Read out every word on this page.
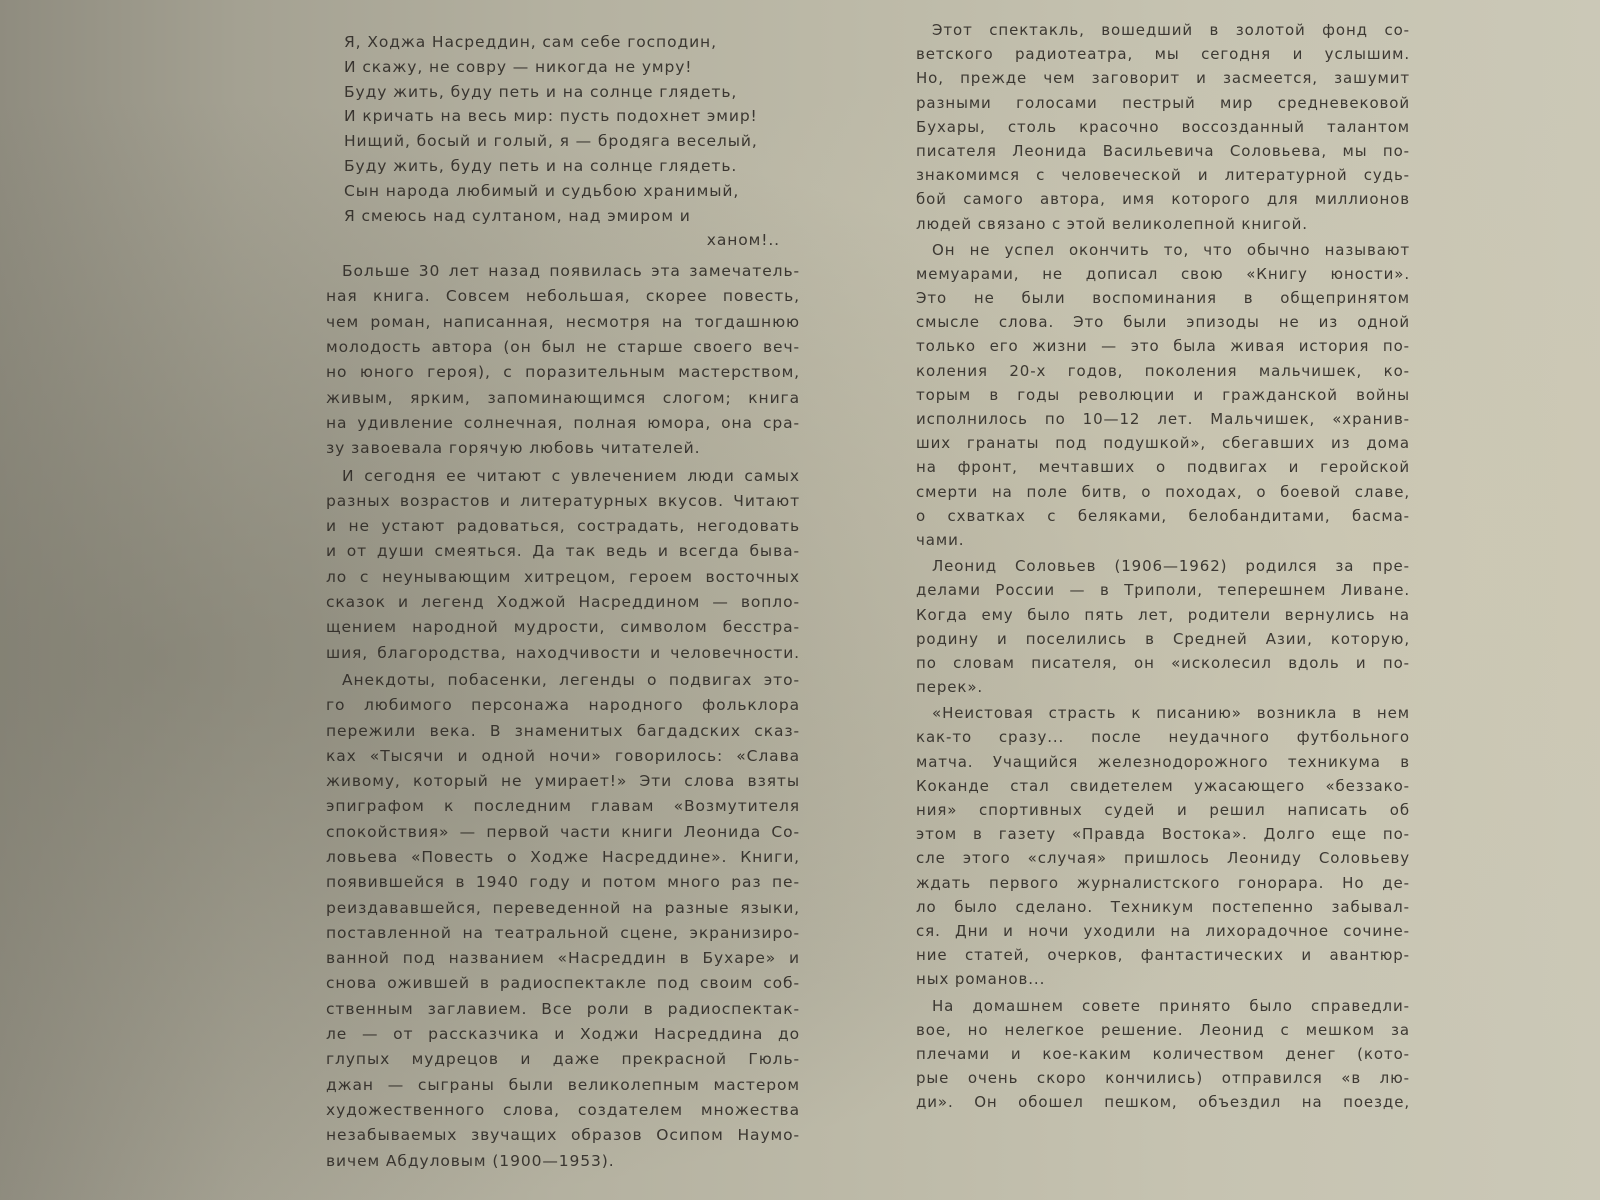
Я, Ходжа Насреддин, сам себе господин,
И скажу, не совру — никогда не умру!
Буду жить, буду петь и на солнце глядеть,
И кричать на весь мир: пусть подохнет эмир!
Нищий, босый и голый, я — бродяга веселый,
Буду жить, буду петь и на солнце глядеть.
Сын народа любимый и судьбою хранимый,
Я смеюсь над султаном, над эмиром и
ханом!..
Больше 30 лет назад появилась эта замечатель-
ная книга. Совсем небольшая, скорее повесть,
чем роман, написанная, несмотря на тогдашнюю
молодость автора (он был не старше своего веч-
но юного героя), с поразительным мастерством,
живым, ярким, запоминающимся слогом; книга
на удивление солнечная, полная юмора, она сра-
зу завоевала горячую любовь читателей.
И сегодня ее читают с увлечением люди самых
разных возрастов и литературных вкусов. Читают
и не устают радоваться, сострадать, негодовать
и от души смеяться. Да так ведь и всегда быва-
ло с неунывающим хитрецом, героем восточных
сказок и легенд Ходжой Насреддином — вопло-
щением народной мудрости, символом бесстра-
шия, благородства, находчивости и человечности.
Анекдоты, побасенки, легенды о подвигах это-
го любимого персонажа народного фольклора
пережили века. В знаменитых багдадских сказ-
ках «Тысячи и одной ночи» говорилось: «Слава
живому, который не умирает!» Эти слова взяты
эпиграфом к последним главам «Возмутителя
спокойствия» — первой части книги Леонида Со-
ловьева «Повесть о Ходже Насреддине». Книги,
появившейся в 1940 году и потом много раз пе-
реиздававшейся, переведенной на разные языки,
поставленной на театральной сцене, экранизиро-
ванной под названием «Насреддин в Бухаре» и
снова ожившей в радиоспектакле под своим соб-
ственным заглавием. Все роли в радиоспектак-
ле — от рассказчика и Ходжи Насреддина до
глупых мудрецов и даже прекрасной Гюль-
джан — сыграны были великолепным мастером
художественного слова, создателем множества
незабываемых звучащих образов Осипом Наумо-
вичем Абдуловым (1900—1953).
Этот спектакль, вошедший в золотой фонд со-
ветского радиотеатра, мы сегодня и услышим.
Но, прежде чем заговорит и засмеется, зашумит
разными голосами пестрый мир средневековой
Бухары, столь красочно воссозданный талантом
писателя Леонида Васильевича Соловьева, мы по-
знакомимся с человеческой и литературной судь-
бой самого автора, имя которого для миллионов
людей связано с этой великолепной книгой.
Он не успел окончить то, что обычно называют
мемуарами, не дописал свою «Книгу юности».
Это не были воспоминания в общепринятом
смысле слова. Это были эпизоды не из одной
только его жизни — это была живая история по-
коления 20-х годов, поколения мальчишек, ко-
торым в годы революции и гражданской войны
исполнилось по 10—12 лет. Мальчишек, «хранив-
ших гранаты под подушкой», сбегавших из дома
на фронт, мечтавших о подвигах и геройской
смерти на поле битв, о походах, о боевой славе,
о схватках с беляками, белобандитами, басма-
чами.
Леонид Соловьев (1906—1962) родился за пре-
делами России — в Триполи, теперешнем Ливане.
Когда ему было пять лет, родители вернулись на
родину и поселились в Средней Азии, которую,
по словам писателя, он «исколесил вдоль и по-
перек».
«Неистовая страсть к писанию» возникла в нем
как-то сразу... после неудачного футбольного
матча. Учащийся железнодорожного техникума в
Коканде стал свидетелем ужасающего «беззако-
ния» спортивных судей и решил написать об
этом в газету «Правда Востока». Долго еще по-
сле этого «случая» пришлось Леониду Соловьеву
ждать первого журналистского гонорара. Но де-
ло было сделано. Техникум постепенно забывал-
ся. Дни и ночи уходили на лихорадочное сочине-
ние статей, очерков, фантастических и авантюр-
ных романов...
На домашнем совете принято было справедли-
вое, но нелегкое решение. Леонид с мешком за
плечами и кое-каким количеством денег (кото-
рые очень скоро кончились) отправился «в лю-
ди». Он обошел пешком, объездил на поезде,
